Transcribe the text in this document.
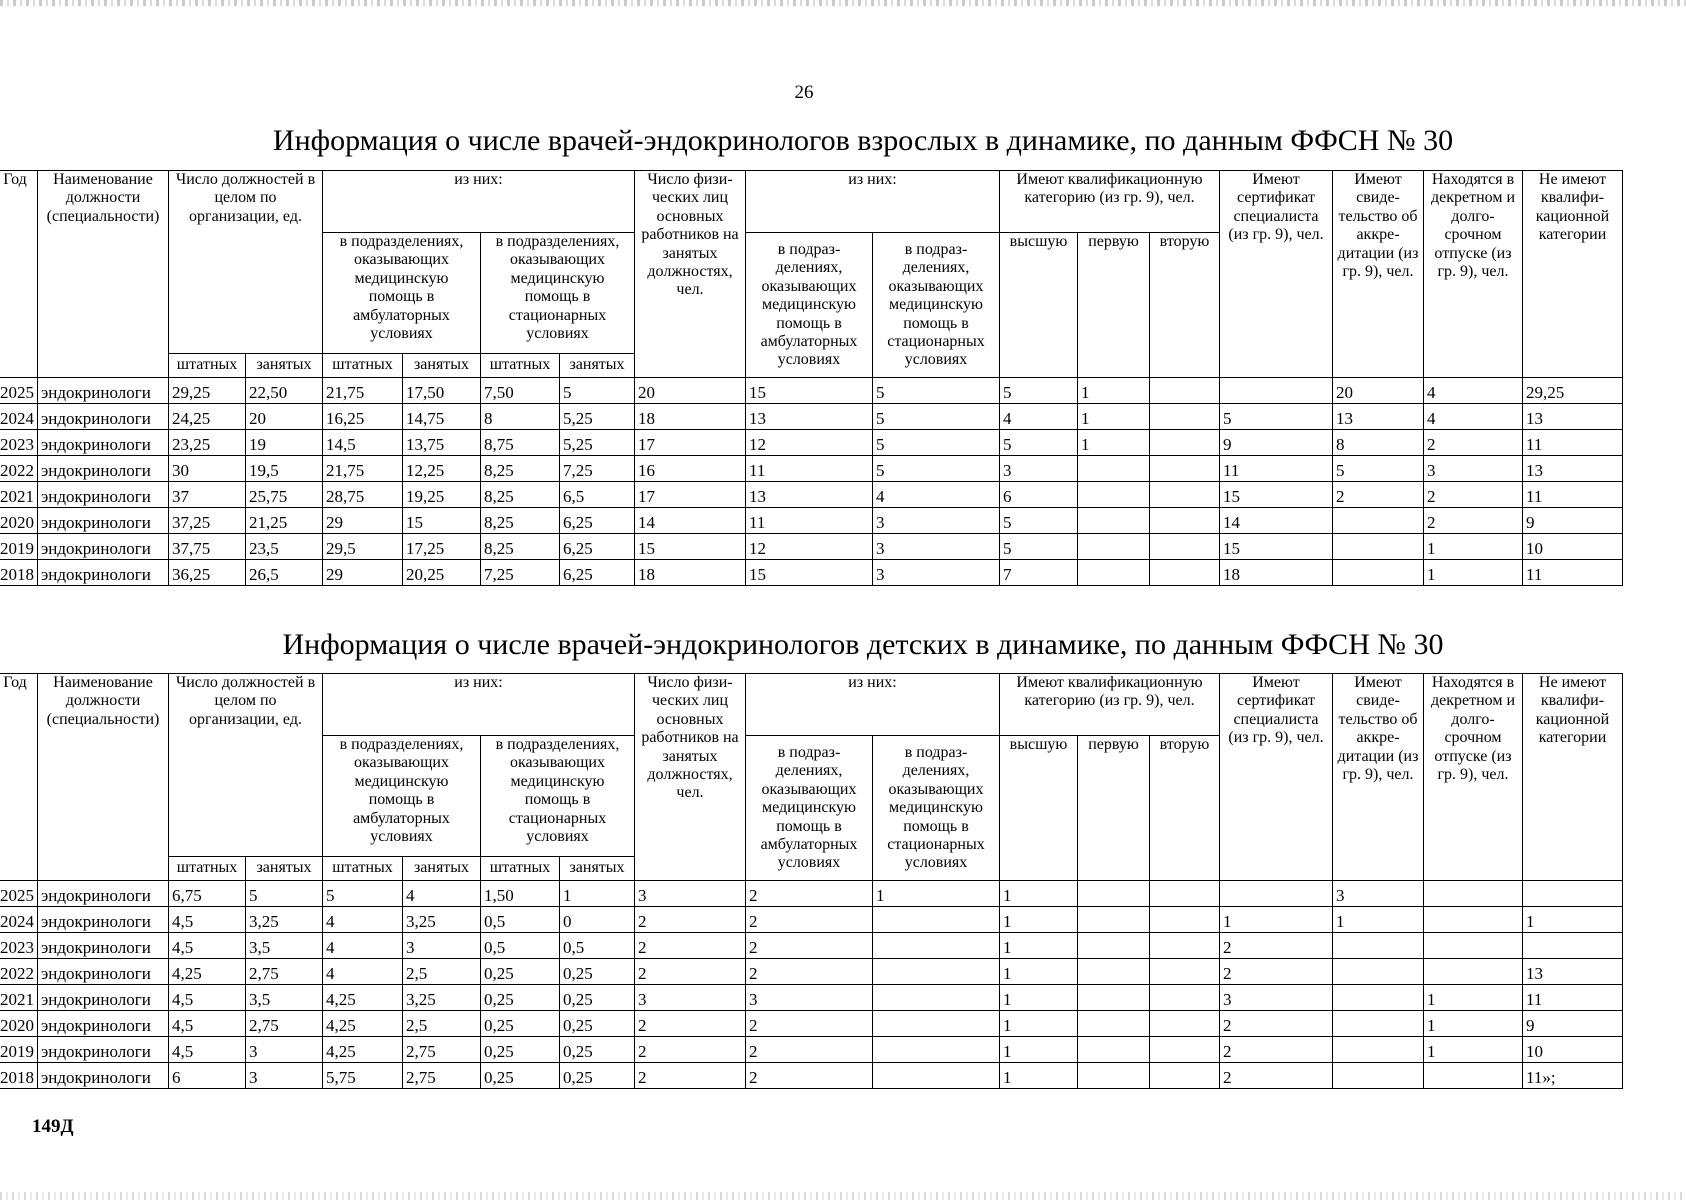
26
Информация о числе врачей-эндокринологов взрослых в динамике, по данным ФФСН № 30
Год	Наименование должности (специальности)	Число должностей в целом по организации, ед.		из них:				Число физи-ческих лиц основных работников на занятых должностях, чел.	из них:		Имеют квалификационную категорию (из гр. 9), чел.			Имеют сертификат специалиста (из гр. 9), чел.	Имеют свиде-тельство об аккре-дитации (из гр. 9), чел.	Находятся в декретном и долго-срочном отпуске (из гр. 9), чел.	Не имеют квалифи-кационной категории
				в подразделениях, оказывающих медицинскую помощь в амбулаторных условиях		в подразделениях, оказывающих медицинскую помощь в стационарных условиях			в подраз-делениях, оказывающих медицинскую помощь в амбулаторных условиях	в подраз-делениях, оказывающих медицинскую помощь в стационарных условиях	высшую	первую	вторую				
		штатных	занятых	штатных	занятых	штатных	занятых										
2025	эндокринологи	29,25	22,50	21,75	17,50	7,50	5	20	15	5	5	1			20	4	29,25
2024	эндокринологи	24,25	20	16,25	14,75	8	5,25	18	13	5	4	1		5	13	4	13
2023	эндокринологи	23,25	19	14,5	13,75	8,75	5,25	17	12	5	5	1		9	8	2	11
2022	эндокринологи	30	19,5	21,75	12,25	8,25	7,25	16	11	5	3			11	5	3	13
2021	эндокринологи	37	25,75	28,75	19,25	8,25	6,5	17	13	4	6			15	2	2	11
2020	эндокринологи	37,25	21,25	29	15	8,25	6,25	14	11	3	5			14		2	9
2019	эндокринологи	37,75	23,5	29,5	17,25	8,25	6,25	15	12	3	5			15		1	10
2018	эндокринологи	36,25	26,5	29	20,25	7,25	6,25	18	15	3	7			18		1	11
Информация о числе врачей-эндокринологов детских в динамике, по данным ФФСН № 30
Год	Наименование должности (специальности)	Число должностей в целом по организации, ед.		из них:				Число физи-ческих лиц основных работников на занятых должностях, чел.	из них:		Имеют квалификационную категорию (из гр. 9), чел.			Имеют сертификат специалиста (из гр. 9), чел.	Имеют свиде-тельство об аккре-дитации (из гр. 9), чел.	Находятся в декретном и долго-срочном отпуске (из гр. 9), чел.	Не имеют квалифи-кационной категории
				в подразделениях, оказывающих медицинскую помощь в амбулаторных условиях		в подразделениях, оказывающих медицинскую помощь в стационарных условиях			в подраз-делениях, оказывающих медицинскую помощь в амбулаторных условиях	в подраз-делениях, оказывающих медицинскую помощь в стационарных условиях	высшую	первую	вторую				
		штатных	занятых	штатных	занятых	штатных	занятых										
2025	эндокринологи	6,75	5	5	4	1,50	1	3	2	1	1				3		
2024	эндокринологи	4,5	3,25	4	3,25	0,5	0	2	2		1			1	1		1
2023	эндокринологи	4,5	3,5	4	3	0,5	0,5	2	2		1			2			
2022	эндокринологи	4,25	2,75	4	2,5	0,25	0,25	2	2		1			2			13
2021	эндокринологи	4,5	3,5	4,25	3,25	0,25	0,25	3	3		1			3		1	11
2020	эндокринологи	4,5	2,75	4,25	2,5	0,25	0,25	2	2		1			2		1	9
2019	эндокринологи	4,5	3	4,25	2,75	0,25	0,25	2	2		1			2		1	10
2018	эндокринологи	6	3	5,75	2,75	0,25	0,25	2	2		1			2			11»;
149Д
